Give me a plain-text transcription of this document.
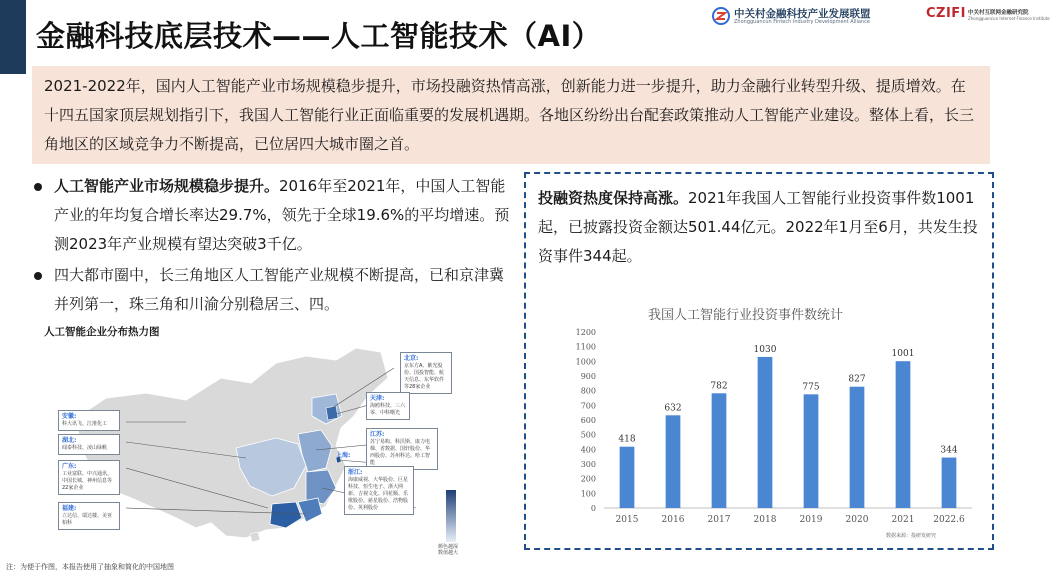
金融科技底层技术——人工智能技术（AI）
中关村金融科技产业发展联盟
Zhongguancun Fintech Industry Development Alliance
CZIFI 中关村互联网金融研究院
Zhongguancun Internet Finance Institute

2021-2022年，国内人工智能产业市场规模稳步提升，市场投融资热情高涨，创新能力进一步提升，助力金融行业转型升级、提质增效。在十四五国家顶层规划指引下，我国人工智能行业正面临重要的发展机遇期。各地区纷纷出台配套政策推动人工智能产业建设。整体上看，长三角地区的区域竞争力不断提高，已位居四大城市圈之首。

人工智能产业市场规模稳步提升。2016年至2021年，中国人工智能产业的年均复合增长率达29.7%，领先于全球19.6%的平均增速。预测2023年产业规模有望达突破3千亿。
四大都市圈中，长三角地区人工智能产业规模不断提高，已和京津冀并列第一，珠三角和川渝分别稳居三、四。
人工智能企业分布热力图
北京:
京东方A、紫光股份、国投智能、航天信息、东华软件等28家企业
天津:
海鸥科技、三六零、中科曙光
江苏:
苏宁易购、科沃斯、康力电梯、省数据、国轩股份、华西股份、苏州科达、哈工智能
浙江:
海康威视、大华股份、巨星科技、恒生电子、浙大网新、吉视文化、同花顺、乐歌股份、慈星股份、浩物股份、英利股份
安徽:
科大讯飞、江淮化工
湖北:
闻泰科技、凌山绿帆
广东:
工业富联、中兴通讯、中国长城、神州信息等22家企业
福建:
立达信、瑞达楼、美亚柏科
上海:
颜色越深
数值越大
注：为便于作图，本报告使用了抽象和简化的中国地图
投融资热度保持高涨。2021年我国人工智能行业投资事件数1001起，已披露投资金额达501.44亿元。2022年1月至6月，共发生投资事件344起。
我国人工智能行业投资事件数统计
0
100
200
300
400
500
600
700
800
900
1000
1100
1200
418
2015
632
2016
782
2017
1030
2018
775
2019
827
2020
1001
2021
344
2022.6
数据来源：投研发研究
